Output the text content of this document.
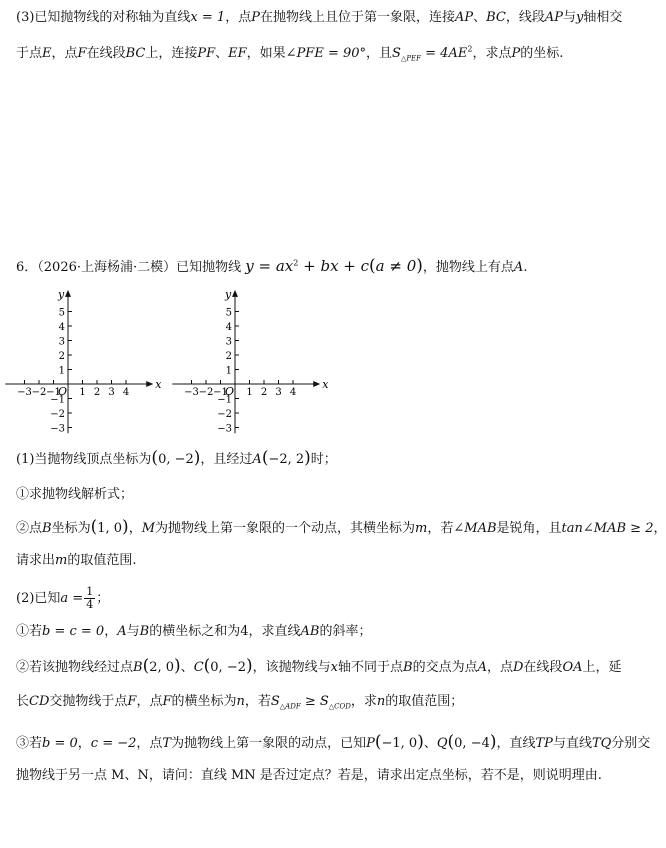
(3)已知抛物线的对称轴为直线x = 1，点P在抛物线上且位于第一象限，连接AP、BC，线段AP与y轴相交
于点E，点F在线段BC上，连接PF、EF，如果∠PFE = 90°，且$S_{\triangle PEF} = 4AE^2$，求点P的坐标.
6．（2026·上海杨浦·二模）已知抛物线 $y = ax^2$ + bx + c(a ≠ 0)，抛物线上有点A.
x
y
O
−3 −2 −1 1 2 3 4
5
4
3
2
1
−1
−2
−3
x
y
O
−3 −2 −1 1 2 3 4
5
4
3
2
1
−1
−2
−3
(1)当抛物线顶点坐标为(0, −2)，且经过A(−2, 2)时；
①求抛物线解析式；
②点B坐标为(1, 0)，M为抛物线上第一象限的一个动点，其横坐标为m，若∠MAB是锐角，且tan∠MAB ≥ 2，
请求出m的取值范围.
(2)已知$a = \frac{1}{4}$ ；
①若b = c = 0，A与B的横坐标之和为4，求直线AB的斜率；
②若该抛物线经过点B(2, 0)、C(0, −2)，该抛物线与x轴不同于点B的交点为点A，点D在线段OA上，延
长CD交抛物线于点F，点F的横坐标为n，若$S_{\triangle ADF} \ge S_{\triangle COD}$，求n的取值范围；
③若b = 0，c = −2，点T为抛物线上第一象限的动点，已知P(−1, 0)、Q(0, −4)，直线TP与直线TQ分别交
抛物线于另一点 M、N，请问：直线 MN 是否过定点？若是，请求出定点坐标，若不是，则说明理由.
